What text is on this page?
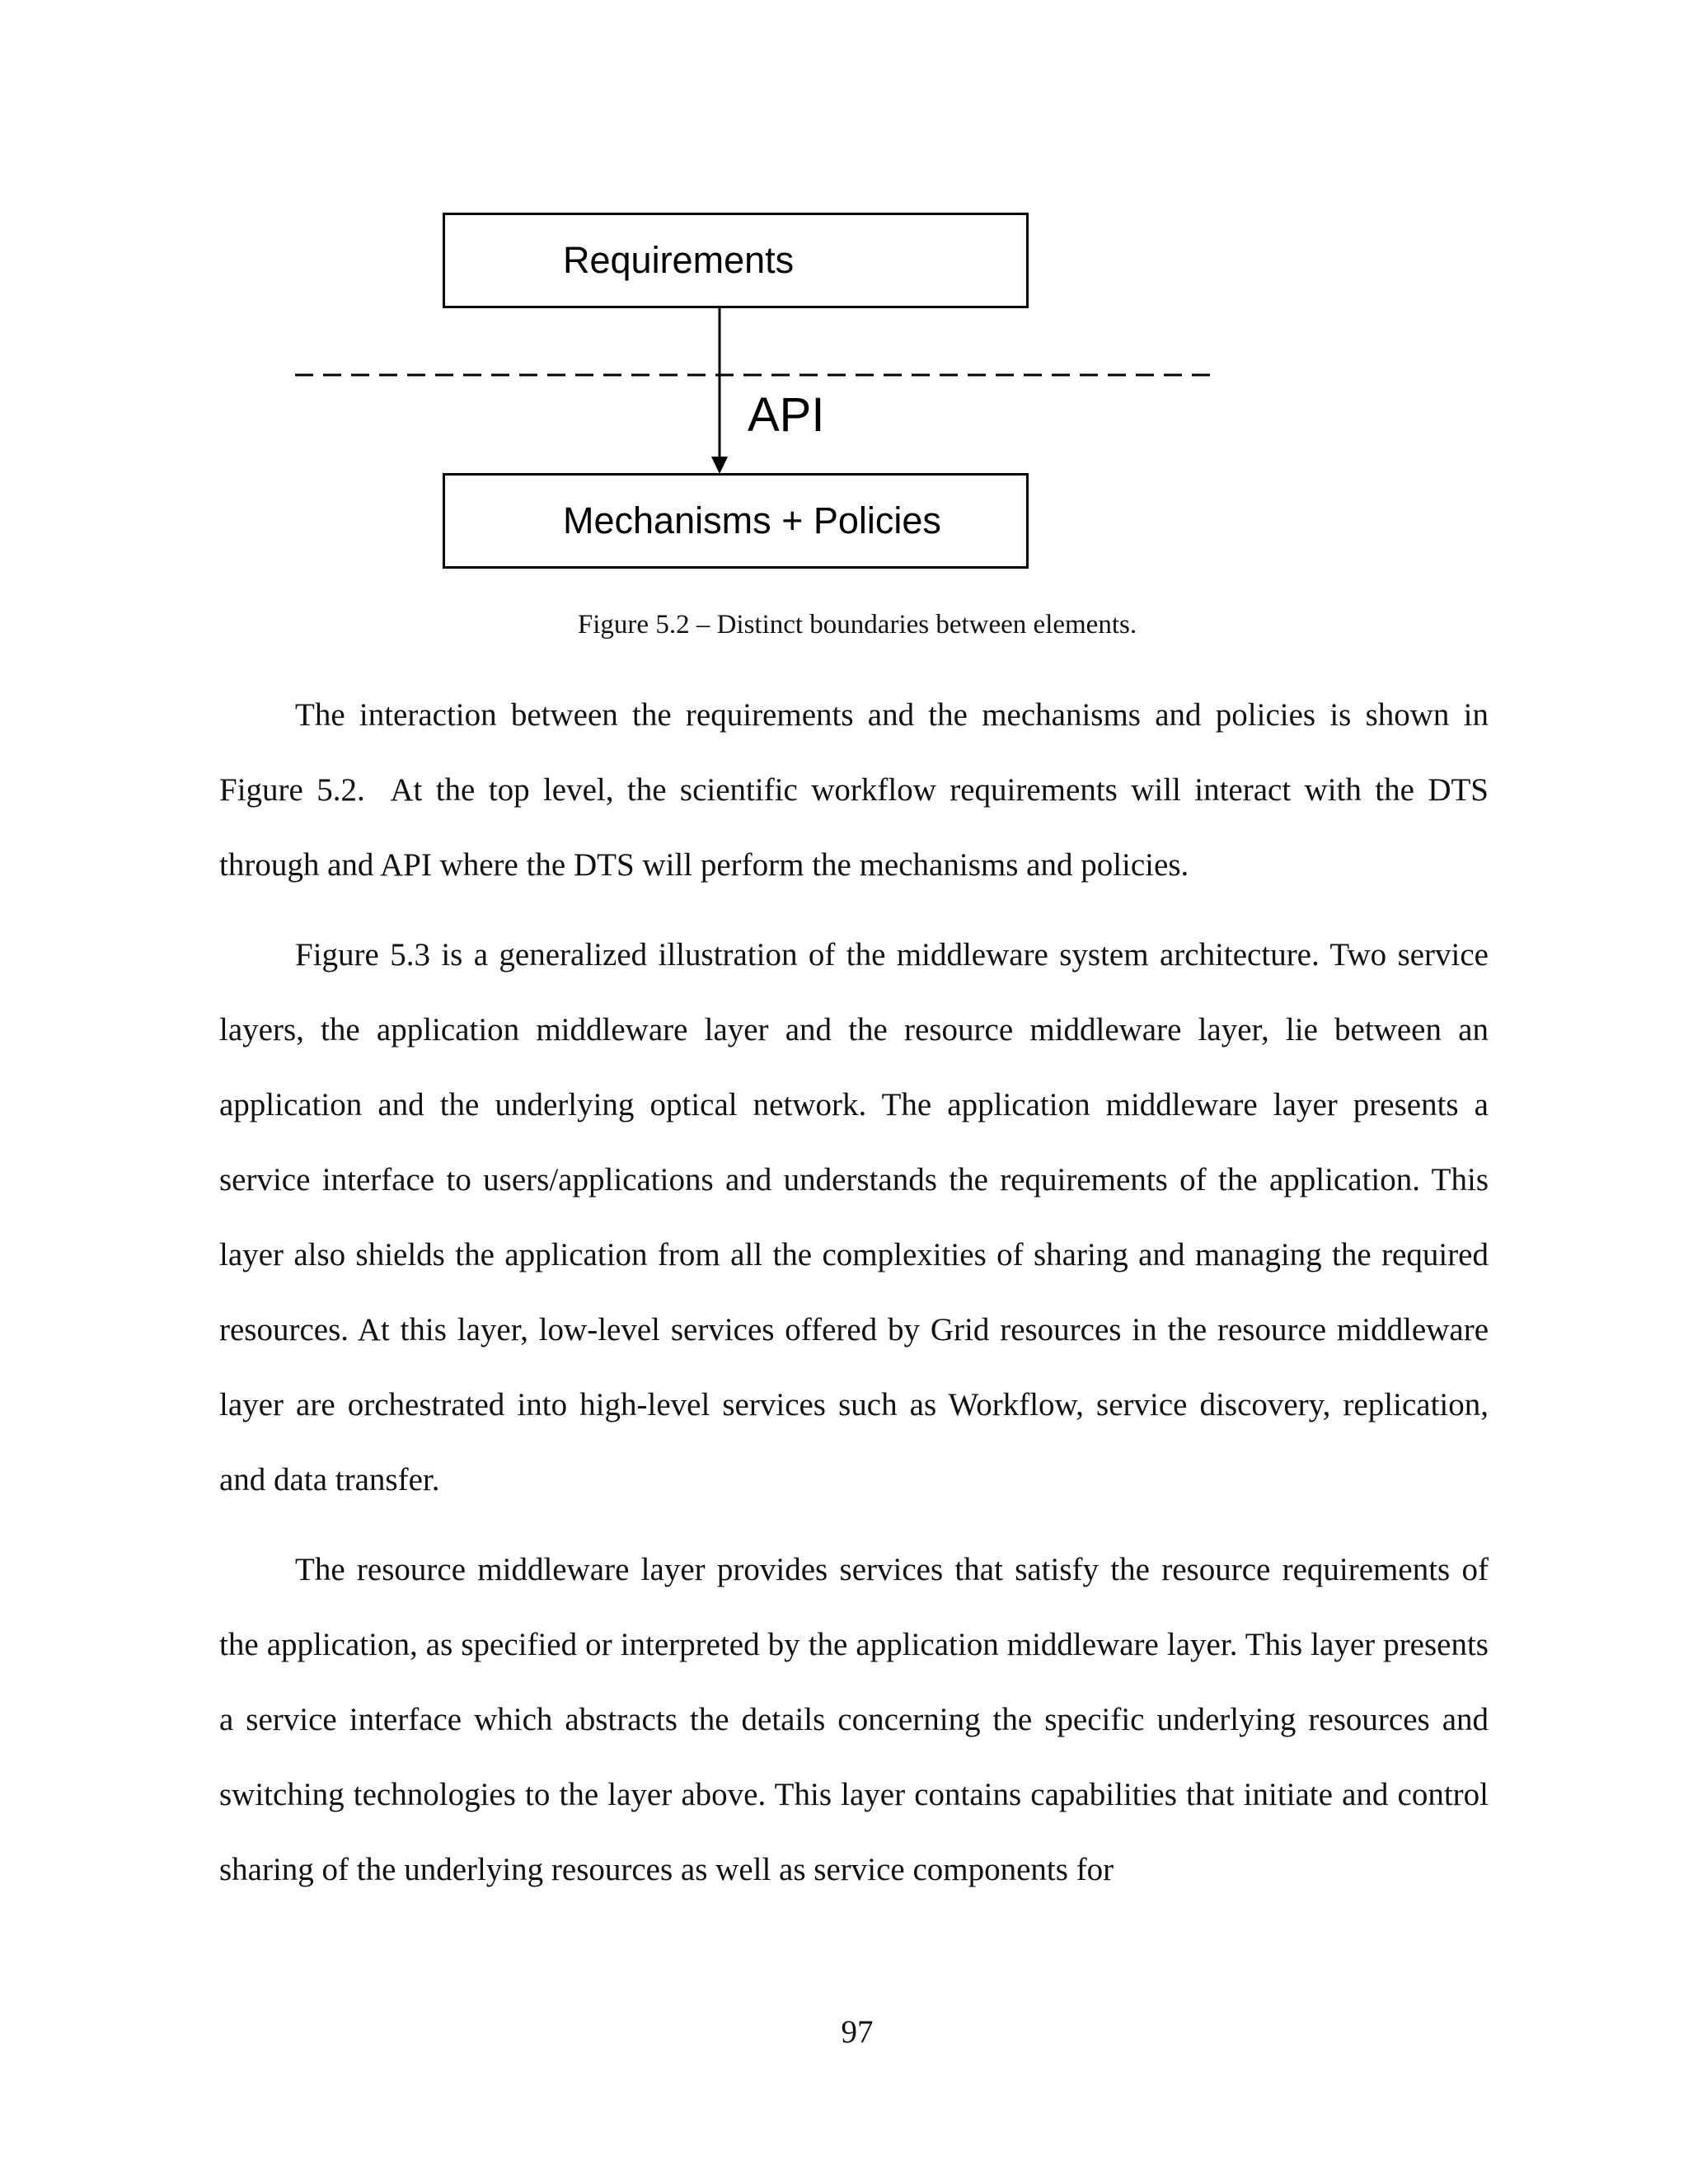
Requirements
API
Mechanisms + Policies
Figure 5.2 – Distinct boundaries between elements.

The interaction between the requirements and the mechanisms and policies is shown in Figure 5.2.  At the top level, the scientific workflow requirements will interact with the DTS through and API where the DTS will perform the mechanisms and policies.

Figure 5.3 is a generalized illustration of the middleware system architecture. Two service layers, the application middleware layer and the resource middleware layer, lie between an application and the underlying optical network. The application middleware layer presents a service interface to users/applications and understands the requirements of the application. This layer also shields the application from all the complexities of sharing and managing the required resources. At this layer, low-level services offered by Grid resources in the resource middleware layer are orchestrated into high-level services such as Workflow, service discovery, replication, and data transfer.

The resource middleware layer provides services that satisfy the resource requirements of the application, as specified or interpreted by the application middleware layer. This layer presents a service interface which abstracts the details concerning the specific underlying resources and switching technologies to the layer above. This layer contains capabilities that initiate and control sharing of the underlying resources as well as service components for

97
